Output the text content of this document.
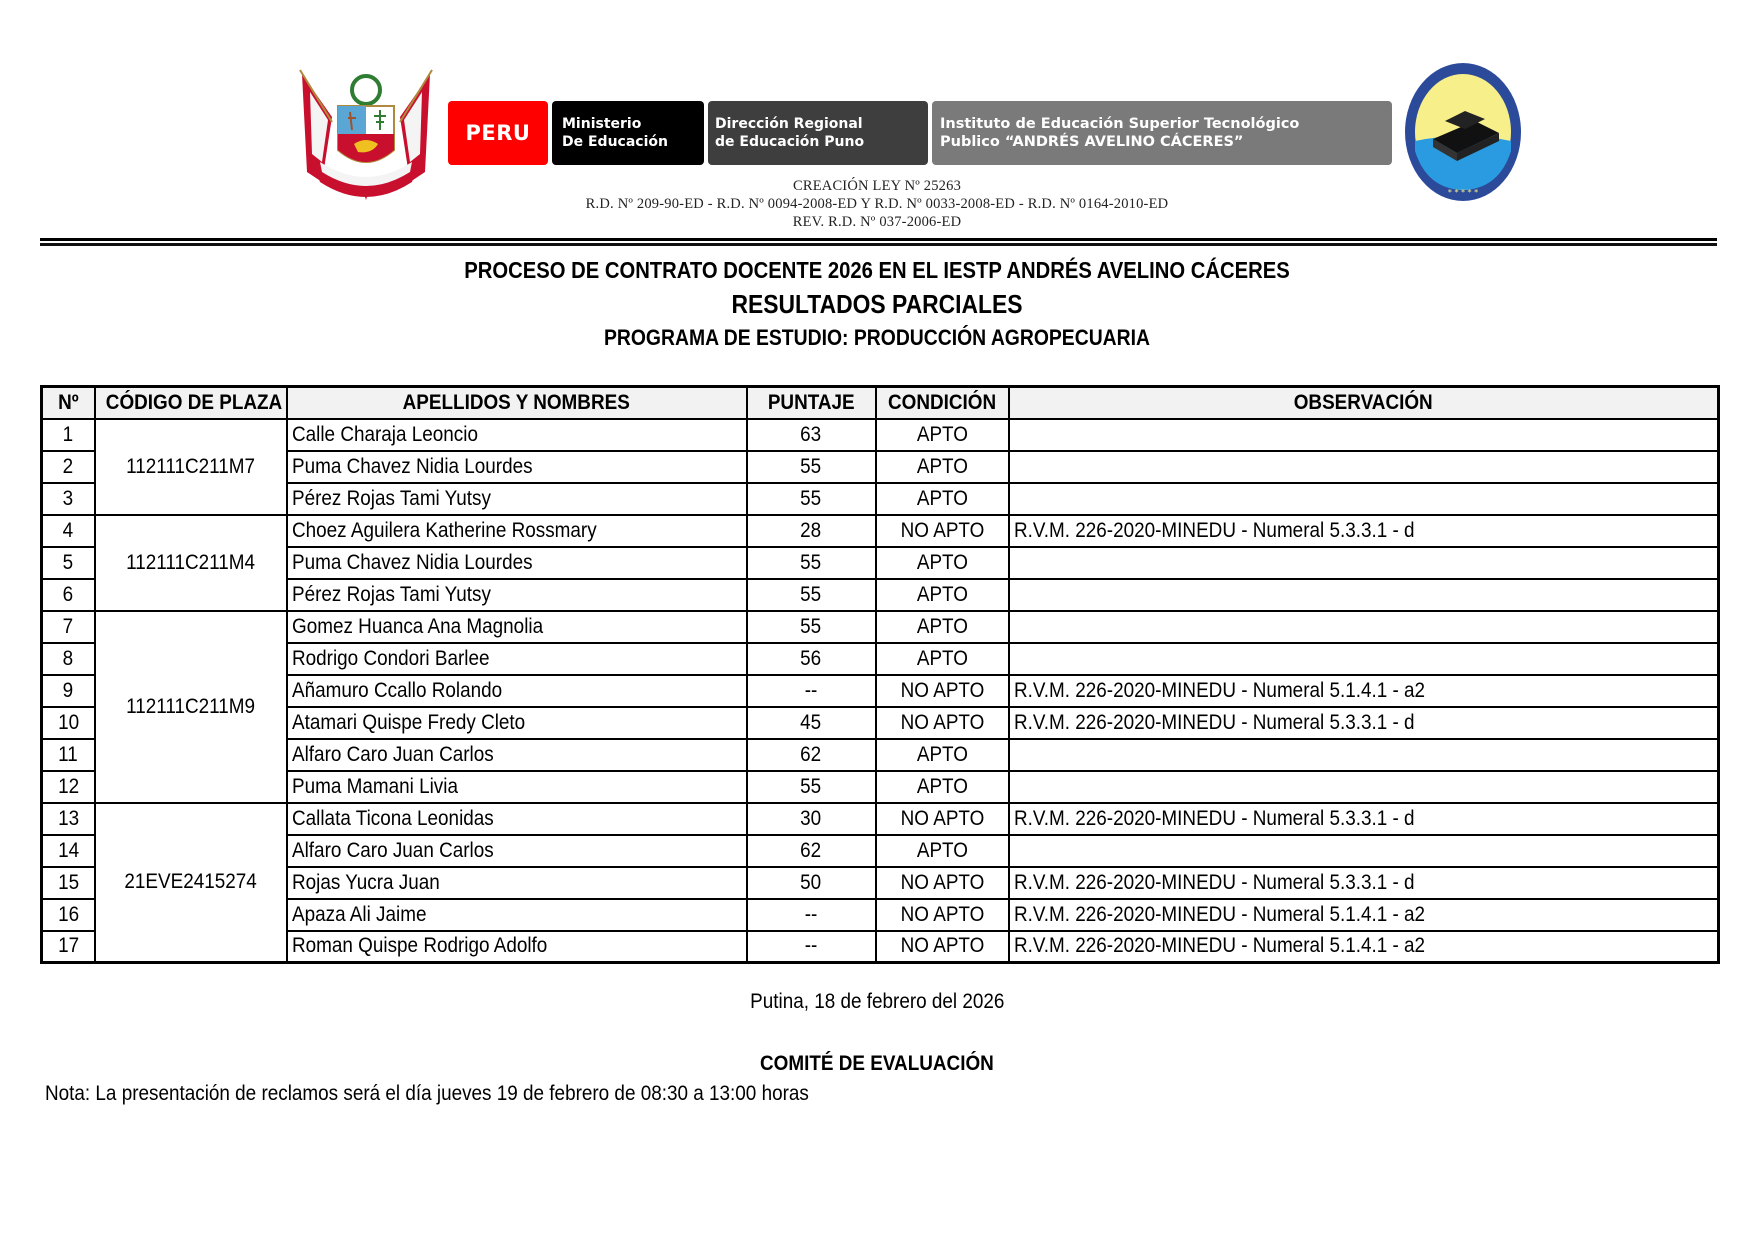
PERU Ministerio
De Educación
Dirección Regional
de Educación Puno
Instituto de Educación Superior Tecnológico
Publico “ANDRÉS AVELINO CÁCERES”
* * * * *
CREACIÓN LEY Nº 25263
R.D. Nº 209-90-ED - R.D. Nº 0094-2008-ED Y R.D. Nº 0033-2008-ED - R.D. Nº 0164-2010-ED
REV. R.D. Nº 037-2006-ED
PROCESO DE CONTRATO DOCENTE 2026 EN EL IESTP ANDRÉS AVELINO CÁCERES
RESULTADOS PARCIALES
PROGRAMA DE ESTUDIO: PRODUCCIÓN AGROPECUARIA
Nº	CÓDIGO DE PLAZA	APELLIDOS Y NOMBRES	PUNTAJE	CONDICIÓN	OBSERVACIÓN
1	112111C211M7	Calle Charaja Leoncio	63	APTO	
2		Puma Chavez Nidia Lourdes	55	APTO	
3		Pérez Rojas Tami Yutsy	55	APTO	
4	112111C211M4	Choez Aguilera Katherine Rossmary	28	NO APTO	R.V.M. 226-2020-MINEDU - Numeral 5.3.3.1 - d
5		Puma Chavez Nidia Lourdes	55	APTO	
6		Pérez Rojas Tami Yutsy	55	APTO	
7	112111C211M9	Gomez Huanca Ana Magnolia	55	APTO	
8		Rodrigo Condori Barlee	56	APTO	
9		Añamuro Ccallo Rolando	--	NO APTO	R.V.M. 226-2020-MINEDU - Numeral 5.1.4.1 - a2
10		Atamari Quispe Fredy Cleto	45	NO APTO	R.V.M. 226-2020-MINEDU - Numeral 5.3.3.1 - d
11		Alfaro Caro Juan Carlos	62	APTO	
12		Puma Mamani Livia	55	APTO	
13	21EVE2415274	Callata Ticona Leonidas	30	NO APTO	R.V.M. 226-2020-MINEDU - Numeral 5.3.3.1 - d
14		Alfaro Caro Juan Carlos	62	APTO	
15		Rojas Yucra Juan	50	NO APTO	R.V.M. 226-2020-MINEDU - Numeral 5.3.3.1 - d
16		Apaza Ali Jaime	--	NO APTO	R.V.M. 226-2020-MINEDU - Numeral 5.1.4.1 - a2
17		Roman Quispe Rodrigo Adolfo	--	NO APTO	R.V.M. 226-2020-MINEDU - Numeral 5.1.4.1 - a2
Putina, 18 de febrero del 2026
COMITÉ DE EVALUACIÓN
Nota: La presentación de reclamos será el día jueves 19 de febrero de 08:30 a 13:00 horas
